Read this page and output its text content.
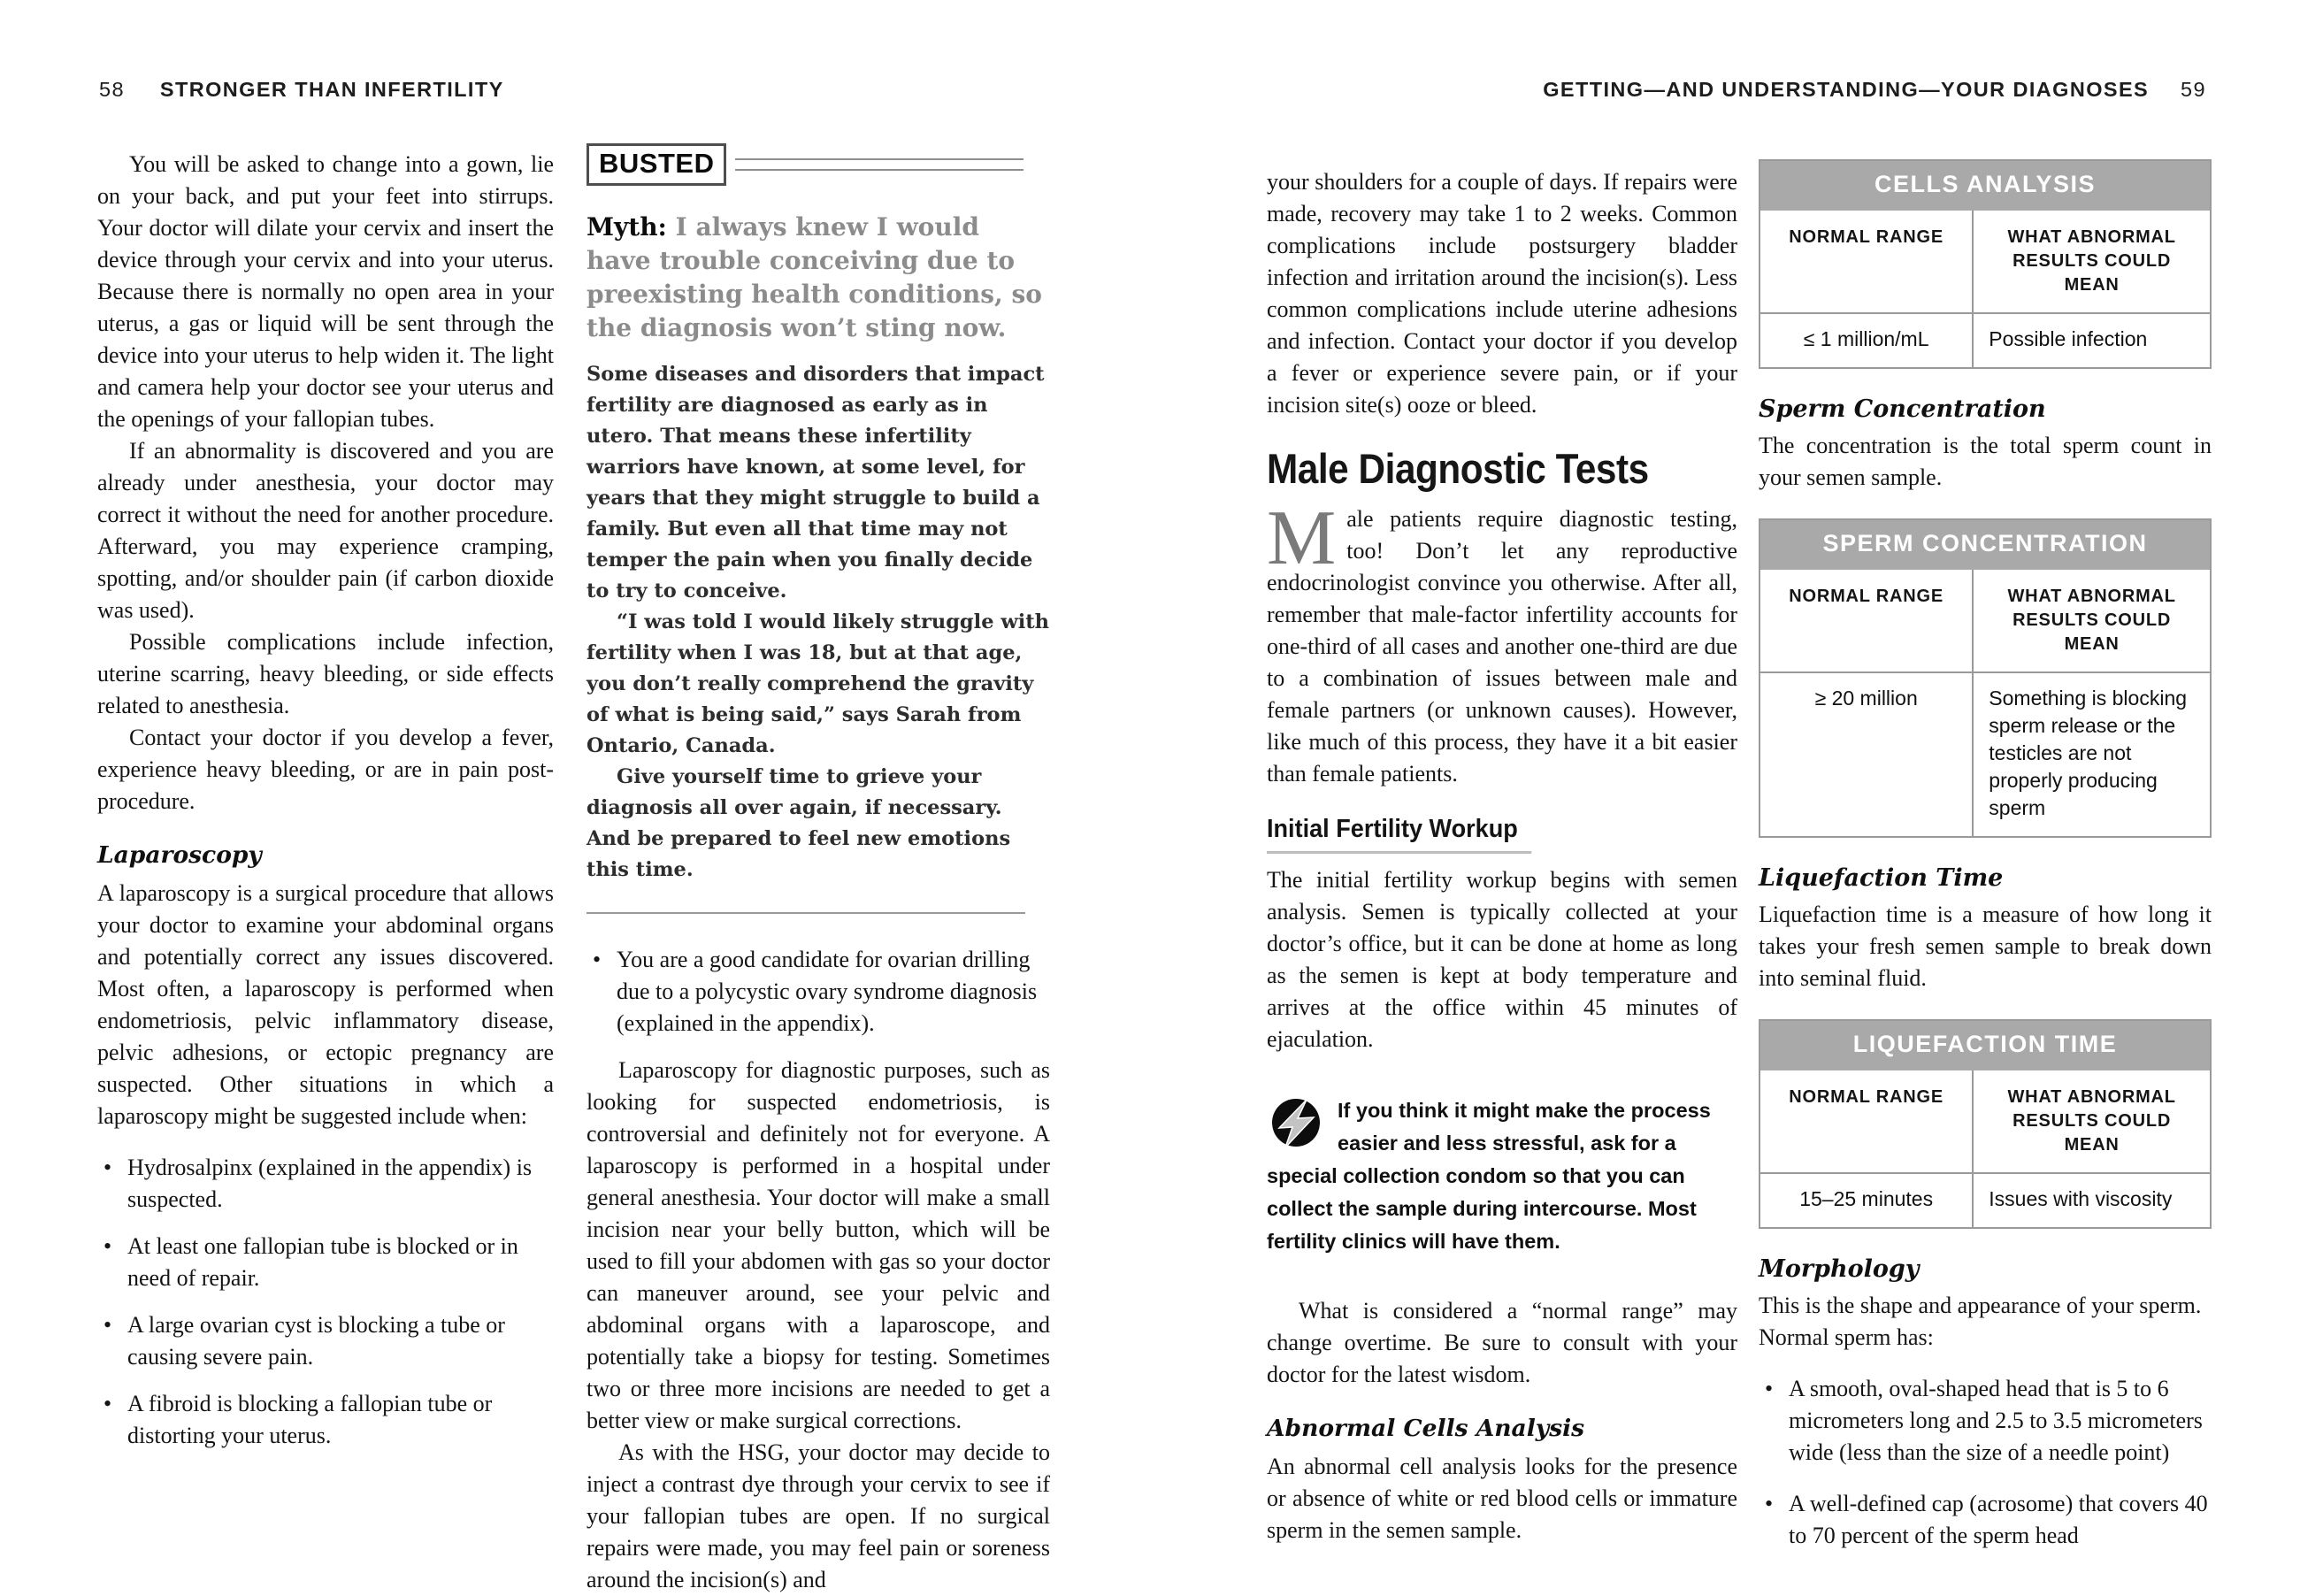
58 STRONGER THAN INFERTILITY	GETTING—AND UNDERSTANDING—YOUR DIAGNOSES 59

You will be asked to change into a gown, lie on your back, and put your feet into stirrups. Your doctor will dilate your cervix and insert the device through your cervix and into your uterus. Because there is normally no open area in your uterus, a gas or liquid will be sent through the device into your uterus to help widen it. The light and camera help your doctor see your uterus and the openings of your fallopian tubes.

If an abnormality is discovered and you are already under anesthesia, your doctor may correct it without the need for another procedure. Afterward, you may experience cramping, spotting, and/or shoulder pain (if carbon dioxide was used).

Possible complications include infection, uterine scarring, heavy bleeding, or side effects related to anesthesia.

Contact your doctor if you develop a fever, experience heavy bleeding, or are in pain post-procedure.

Laparoscopy

A laparoscopy is a surgical procedure that allows your doctor to examine your abdominal organs and potentially correct any issues discovered. Most often, a laparoscopy is performed when endometriosis, pelvic inflammatory disease, pelvic adhesions, or ectopic pregnancy are suspected. Other situations in which a laparoscopy might be suggested include when:

• Hydrosalpinx (explained in the appendix) is suspected.
• At least one fallopian tube is blocked or in need of repair.
• A large ovarian cyst is blocking a tube or causing severe pain.
• A fibroid is blocking a fallopian tube or distorting your uterus.
BUSTED
Myth: I always knew I would have trouble conceiving due to preexisting health conditions, so the diagnosis won’t sting now.

Some diseases and disorders that impact fertility are diagnosed as early as in utero. That means these infertility warriors have known, at some level, for years that they might struggle to build a family. But even all that time may not temper the pain when you finally decide to try to conceive.

“I was told I would likely struggle with fertility when I was 18, but at that age, you don’t really comprehend the gravity of what is being said,” says Sarah from Ontario, Canada.

Give yourself time to grieve your diagnosis all over again, if necessary. And be prepared to feel new emotions this time.

• You are a good candidate for ovarian drilling due to a polycystic ovary syndrome diagnosis (explained in the appendix).

Laparoscopy for diagnostic purposes, such as looking for suspected endometriosis, is controversial and definitely not for everyone. A laparoscopy is performed in a hospital under general anesthesia. Your doctor will make a small incision near your belly button, which will be used to fill your abdomen with gas so your doctor can maneuver around, see your pelvic and abdominal organs with a laparoscope, and potentially take a biopsy for testing. Sometimes two or three more incisions are needed to get a better view or make surgical corrections.

As with the HSG, your doctor may decide to inject a contrast dye through your cervix to see if your fallopian tubes are open. If no surgical repairs were made, you may feel pain or soreness around the incision(s) and

your shoulders for a couple of days. If repairs were made, recovery may take 1 to 2 weeks. Common complications include postsurgery bladder infection and irritation around the incision(s). Less common complications include uterine adhesions and infection. Contact your doctor if you develop a fever or experience severe pain, or if your incision site(s) ooze or bleed.

Male Diagnostic Tests
Male patients require diagnostic testing, too! Don’t let any reproductive endocrinologist convince you otherwise. After all, remember that male-factor infertility accounts for one-third of all cases and another one-third are due to a combination of issues between male and female partners (or unknown causes). However, like much of this process, they have it a bit easier than female patients.
Initial Fertility Workup

The initial fertility workup begins with semen analysis. Semen is typically collected at your doctor’s office, but it can be done at home as long as the semen is kept at body temperature and arrives at the office within 45 minutes of ejaculation.

If you think it might make the process easier and less stressful, ask for a special collection condom so that you can collect the sample during intercourse. Most fertility clinics will have them.

What is considered a “normal range” may change overtime. Be sure to consult with your doctor for the latest wisdom.

Abnormal Cells Analysis

An abnormal cell analysis looks for the presence or absence of white or red blood cells or immature sperm in the semen sample.

CELLS ANALYSIS
NORMAL RANGE	WHAT ABNORMAL RESULTS COULD MEAN
≤ 1 million/mL	Possible infection
Sperm Concentration

The concentration is the total sperm count in your semen sample.

SPERM CONCENTRATION
NORMAL RANGE	WHAT ABNORMAL RESULTS COULD MEAN
≥ 20 million	Something is blocking sperm release or the testicles are not properly producing sperm
Liquefaction Time

Liquefaction time is a measure of how long it takes your fresh semen sample to break down into seminal fluid.

LIQUEFACTION TIME
NORMAL RANGE	WHAT ABNORMAL RESULTS COULD MEAN
15–25 minutes	Issues with viscosity
Morphology

This is the shape and appearance of your sperm. Normal sperm has:

• A smooth, oval-shaped head that is 5 to 6 micrometers long and 2.5 to 3.5 micrometers wide (less than the size of a needle point)
• A well-defined cap (acrosome) that covers 40 to 70 percent of the sperm head
